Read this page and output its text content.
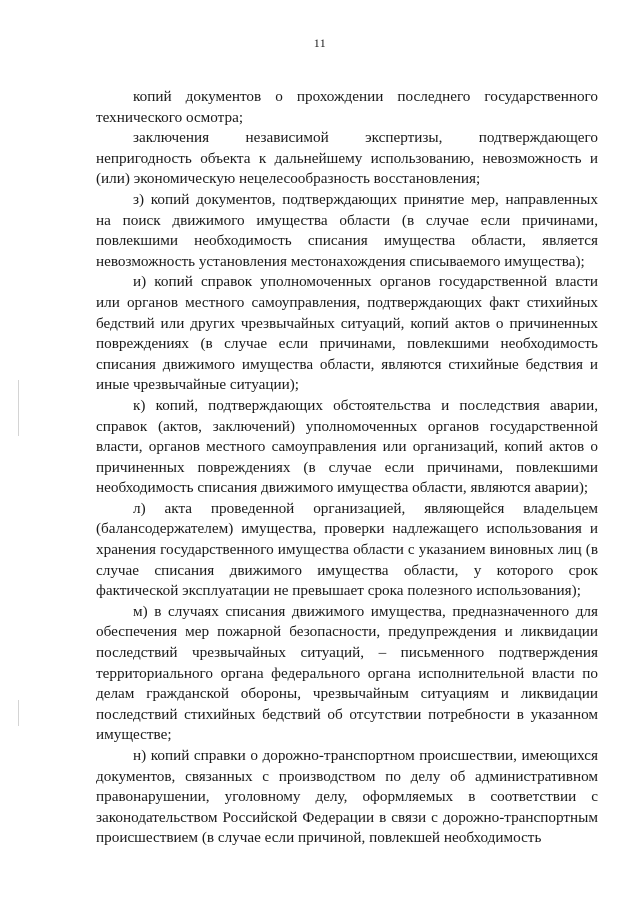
11

копий документов о прохождении последнего государственного технического осмотра;

заключения независимой экспертизы, подтверждающего непригодность объекта к дальнейшему использованию, невозможность и (или) экономическую нецелесообразность восстановления;

з) копий документов, подтверждающих принятие мер, направленных на поиск движимого имущества области (в случае если причинами, повлекшими необходимость списания имущества области, является невозможность установления местонахождения списываемого имущества);

и) копий справок уполномоченных органов государственной власти или органов местного самоуправления, подтверждающих факт стихийных бедствий или других чрезвычайных ситуаций, копий актов о причиненных повреждениях (в случае если причинами, повлекшими необходимость списания движимого имущества области, являются стихийные бедствия и иные чрезвычайные ситуации);

к) копий, подтверждающих обстоятельства и последствия аварии, справок (актов, заключений) уполномоченных органов государственной власти, органов местного самоуправления или организаций, копий актов о причиненных повреждениях (в случае если причинами, повлекшими необходимость списания движимого имущества области, являются аварии);

л) акта проведенной организацией, являющейся владельцем (балансодержателем) имущества, проверки надлежащего использования и хранения государственного имущества области с указанием виновных лиц (в случае списания движимого имущества области, у которого срок фактической эксплуатации не превышает срока полезного использования);

м) в случаях списания движимого имущества, предназначенного для обеспечения мер пожарной безопасности, предупреждения и ликвидации последствий чрезвычайных ситуаций, – письменного подтверждения территориального органа федерального органа исполнительной власти по делам гражданской обороны, чрезвычайным ситуациям и ликвидации последствий стихийных бедствий об отсутствии потребности в указанном имуществе;

н) копий справки о дорожно-транспортном происшествии, имеющихся документов, связанных с производством по делу об административном правонарушении, уголовному делу, оформляемых в соответствии с законодательством Российской Федерации в связи с дорожно-транспортным происшествием (в случае если причиной, повлекшей необходимость
